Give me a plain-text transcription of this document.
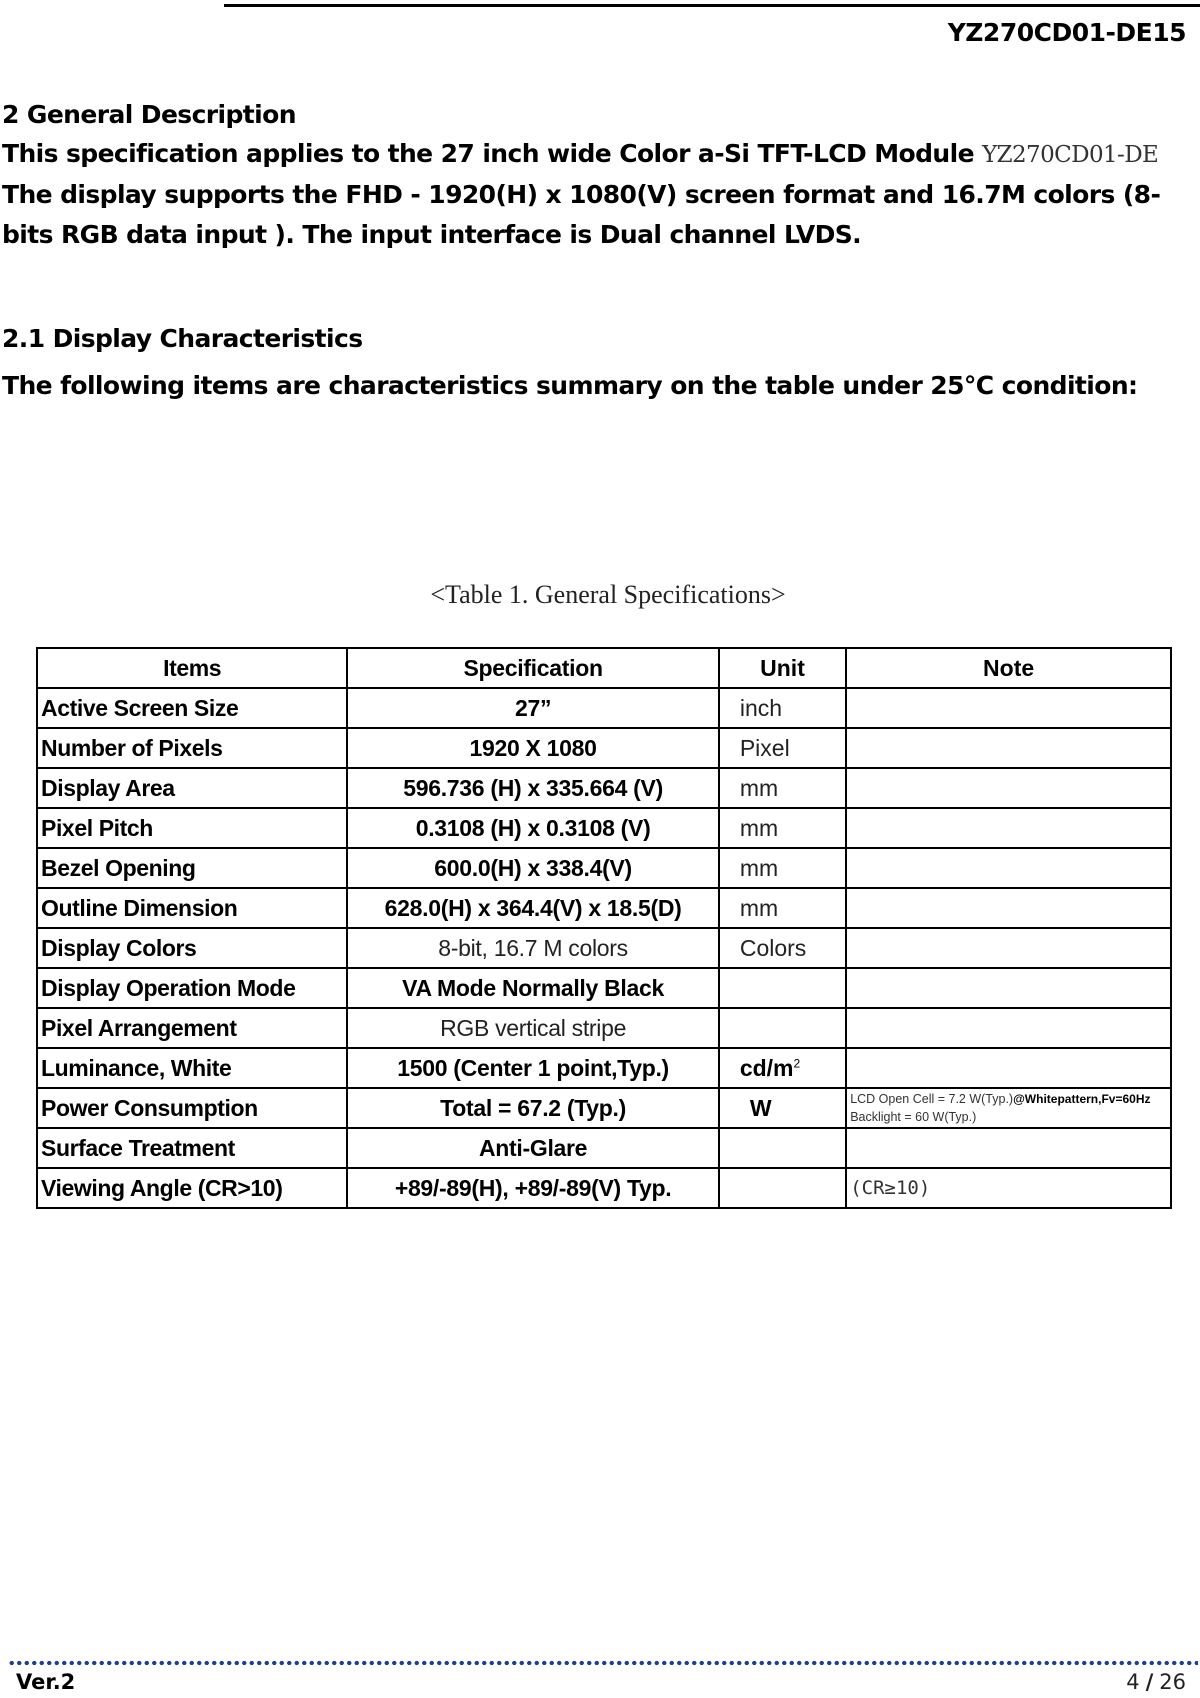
YZ270CD01-DE15
2 General Description
This specification applies to the 27 inch wide Color a-Si TFT-LCD Module YZ270CD01-DE The display supports the FHD - 1920(H) x 1080(V) screen format and 16.7M colors (8-bits RGB data input ). The input interface is Dual channel LVDS.
2.1 Display Characteristics
The following items are characteristics summary on the table under 25℃ condition:
<Table 1. General Specifications>
Items	Specification	Unit	Note
Active Screen Size	27”	inch	
Number of Pixels	1920 X 1080	Pixel	
Display Area	596.736 (H) x 335.664 (V)	mm	
Pixel Pitch	0.3108 (H) x 0.3108 (V)	mm	
Bezel Opening	600.0(H) x 338.4(V)	mm	
Outline Dimension	628.0(H) x 364.4(V) x 18.5(D)	mm	
Display Colors	8-bit, 16.7 M colors	Colors	
Display Operation Mode	VA Mode Normally Black		
Pixel Arrangement	RGB vertical stripe		
Luminance, White	1500 (Center 1 point,Typ.)	$cd/m^2$	
Power Consumption	Total = 67.2 (Typ.)	W	LCD Open Cell = 7.2 W(Typ.)@Whitepattern,Fv=60Hz
Backlight = 60 W(Typ.)

Surface Treatment	Anti-Glare		
Viewing Angle (CR>10)	+89/-89(H), +89/-89(V) Typ.		(CR≥10)
Ver.2	4 / 26
